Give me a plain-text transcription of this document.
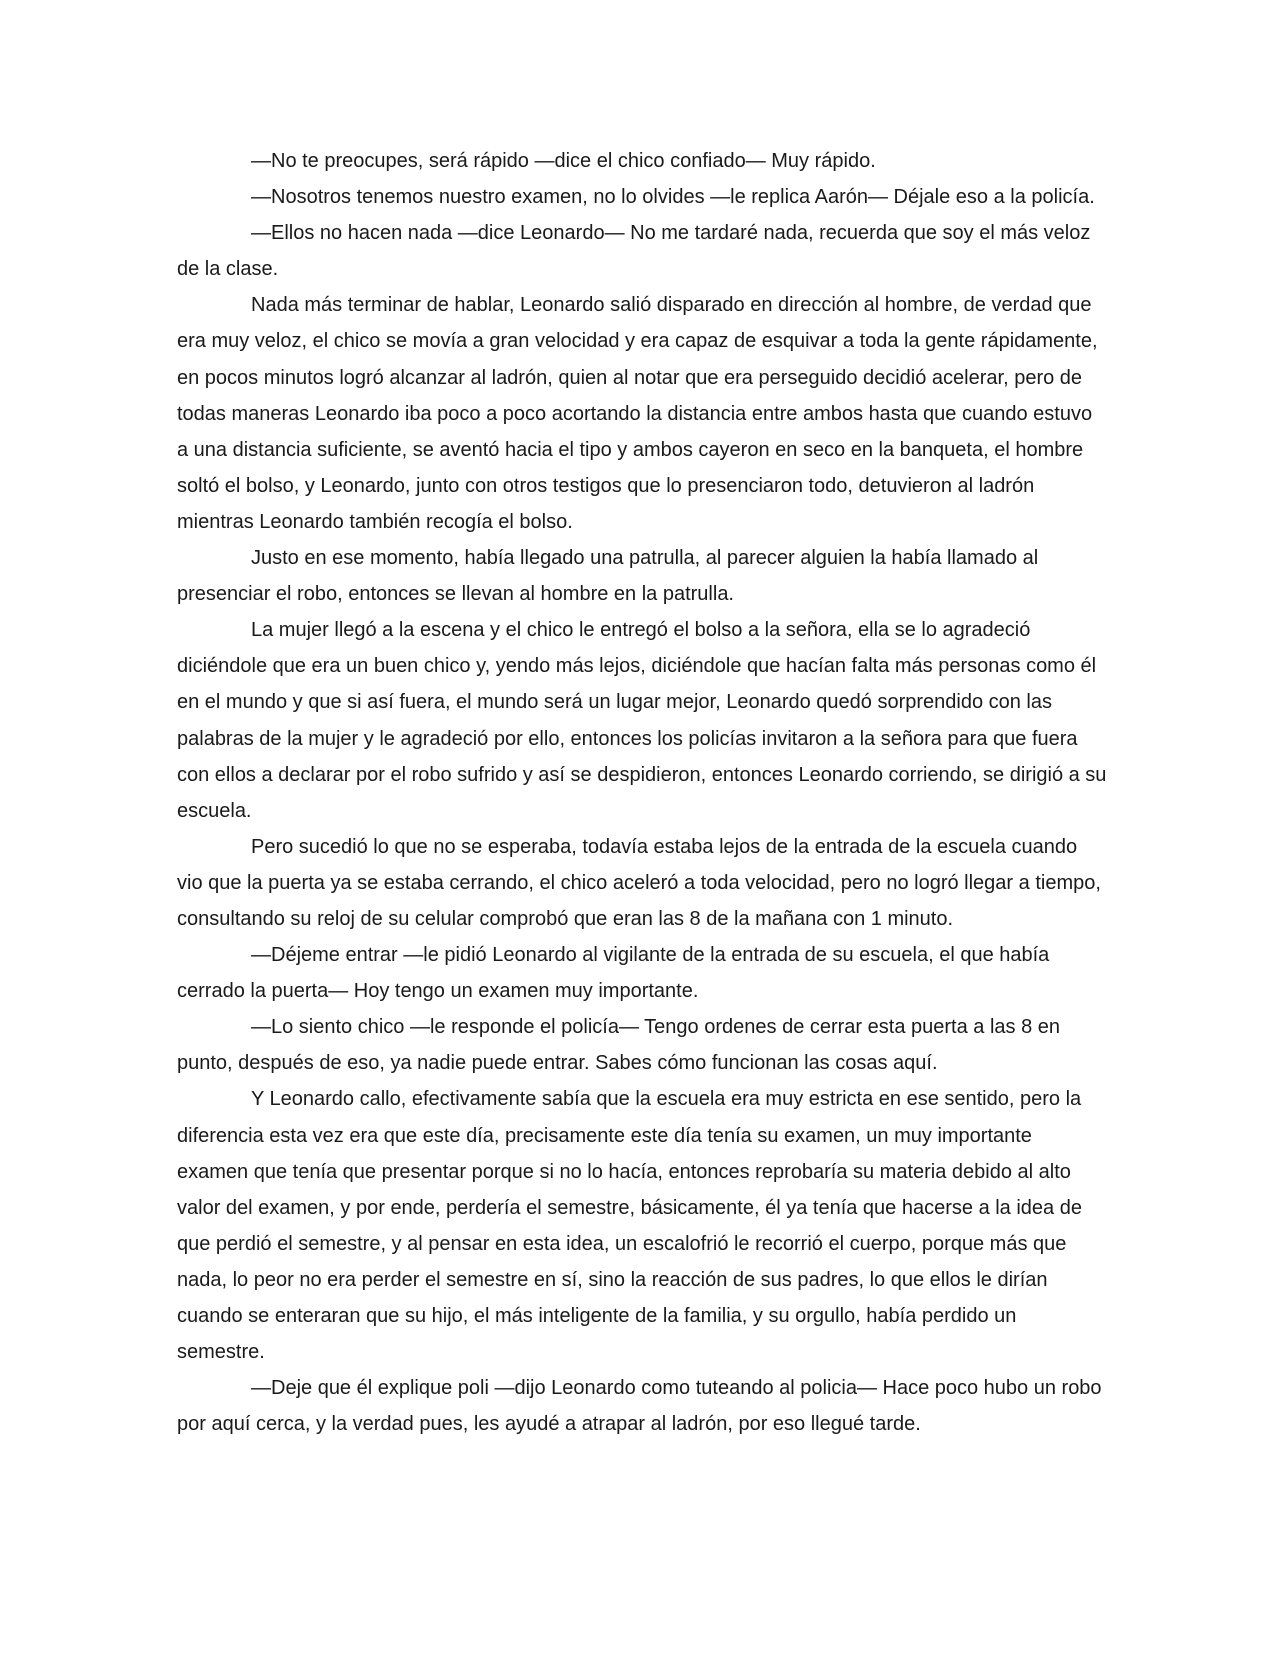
—No te preocupes, será rápido —dice el chico confiado— Muy rápido.

—Nosotros tenemos nuestro examen, no lo olvides —le replica Aarón— Déjale eso a la policía.

—Ellos no hacen nada —dice Leonardo— No me tardaré nada, recuerda que soy el más veloz de la clase.

Nada más terminar de hablar, Leonardo salió disparado en dirección al hombre, de verdad que era muy veloz, el chico se movía a gran velocidad y era capaz de esquivar a toda la gente rápidamente, en pocos minutos logró alcanzar al ladrón, quien al notar que era perseguido decidió acelerar, pero de todas maneras Leonardo iba poco a poco acortando la distancia entre ambos hasta que cuando estuvo a una distancia suficiente, se aventó hacia el tipo y ambos cayeron en seco en la banqueta, el hombre soltó el bolso, y Leonardo, junto con otros testigos que lo presenciaron todo, detuvieron al ladrón mientras Leonardo también recogía el bolso.

Justo en ese momento, había llegado una patrulla, al parecer alguien la había llamado al presenciar el robo, entonces se llevan al hombre en la patrulla.

La mujer llegó a la escena y el chico le entregó el bolso a la señora, ella se lo agradeció diciéndole que era un buen chico y, yendo más lejos, diciéndole que hacían falta más personas como él en el mundo y que si así fuera, el mundo será un lugar mejor, Leonardo quedó sorprendido con las palabras de la mujer y le agradeció por ello, entonces los policías invitaron a la señora para que fuera con ellos a declarar por el robo sufrido y así se despidieron, entonces Leonardo corriendo, se dirigió a su escuela.

Pero sucedió lo que no se esperaba, todavía estaba lejos de la entrada de la escuela cuando vio que la puerta ya se estaba cerrando, el chico aceleró a toda velocidad, pero no logró llegar a tiempo, consultando su reloj de su celular comprobó que eran las 8 de la mañana con 1 minuto.

—Déjeme entrar —le pidió Leonardo al vigilante de la entrada de su escuela, el que había cerrado la puerta— Hoy tengo un examen muy importante.

—Lo siento chico —le responde el policía— Tengo ordenes de cerrar esta puerta a las 8 en punto, después de eso, ya nadie puede entrar. Sabes cómo funcionan las cosas aquí.

Y Leonardo callo, efectivamente sabía que la escuela era muy estricta en ese sentido, pero la diferencia esta vez era que este día, precisamente este día tenía su examen, un muy importante examen que tenía que presentar porque si no lo hacía, entonces reprobaría su materia debido al alto valor del examen, y por ende, perdería el semestre, básicamente, él ya tenía que hacerse a la idea de que perdió el semestre, y al pensar en esta idea, un escalofrió le recorrió el cuerpo, porque más que nada, lo peor no era perder el semestre en sí, sino la reacción de sus padres, lo que ellos le dirían cuando se enteraran que su hijo, el más inteligente de la familia, y su orgullo, había perdido un semestre.

—Deje que él explique poli —dijo Leonardo como tuteando al policia— Hace poco hubo un robo por aquí cerca, y la verdad pues, les ayudé a atrapar al ladrón, por eso llegué tarde.
